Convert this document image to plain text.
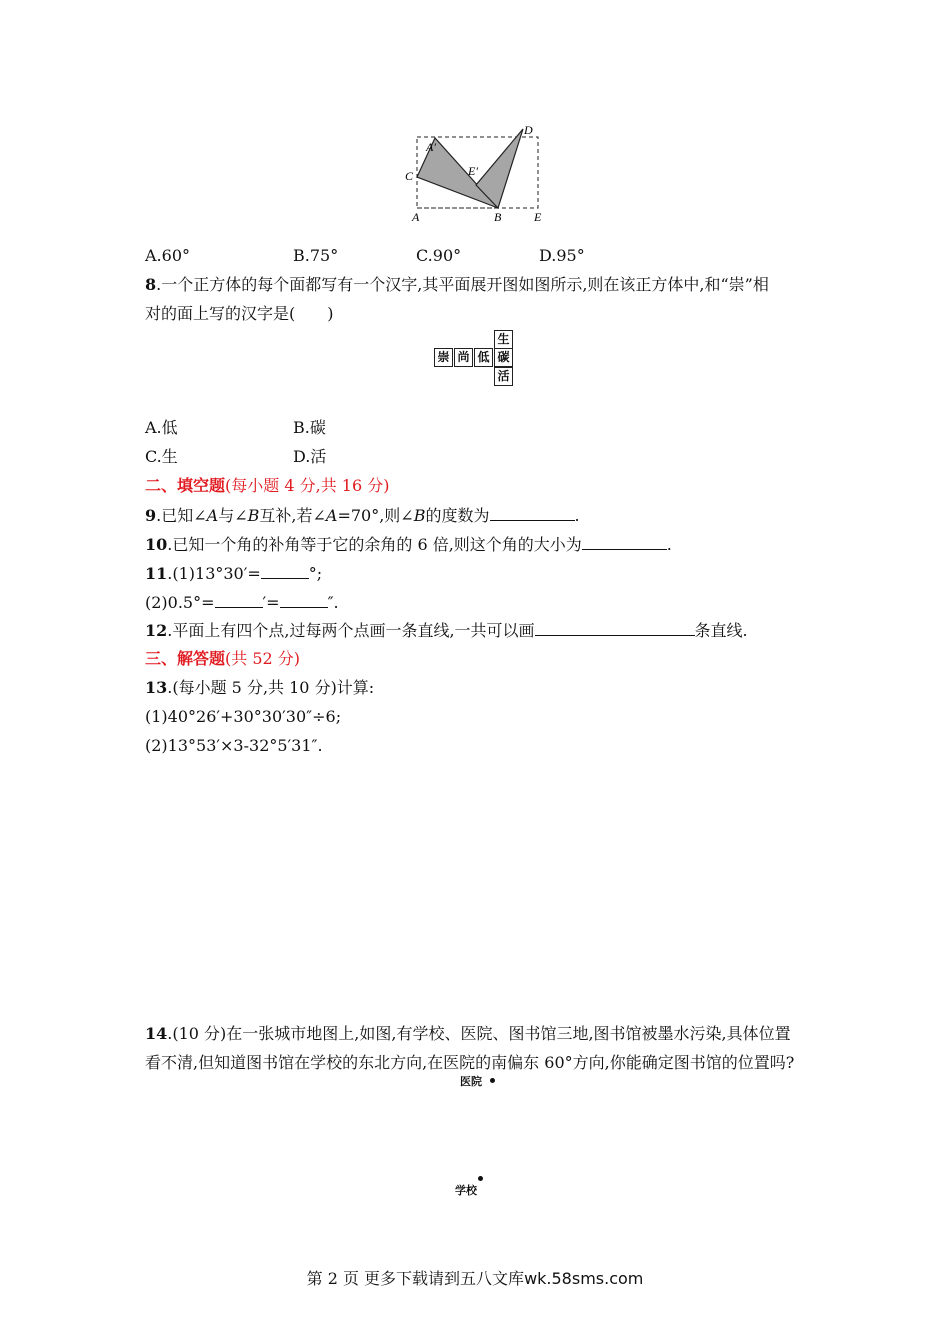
A′
C	E′
D
A	B	E
A.60°	B.75°	C.90°	D.95°
8.一个正方体的每个面都写有一个汉字,其平面展开图如图所示,则在该正方体中,和“崇”相
对的面上写的汉字是(　　)
生
崇 尚 低 碳
活
A.低	B.碳
C.生	D.活
二、填空题(每小题 4 分,共 16 分)
9.已知∠A与∠B互补,若∠A=70°,则∠B的度数为	.
10.已知一个角的补角等于它的余角的 6 倍,则这个角的大小为	.
11.(1)13°30′=	°;
(2)0.5°=	′=	″.
12.平面上有四个点,过每两个点画一条直线,一共可以画	条直线.
三、解答题(共 52 分)
13.(每小题 5 分,共 10 分)计算:
(1)40°26′+30°30′30″÷6;
(2)13°53′×3-32°5′31″.
14.(10 分)在一张城市地图上,如图,有学校、医院、图书馆三地,图书馆被墨水污染,具体位置
看不清,但知道图书馆在学校的东北方向,在医院的南偏东 60°方向,你能确定图书馆的位置吗?
医院
学校
第 2 页 更多下载请到五八文库wk.58sms.com
